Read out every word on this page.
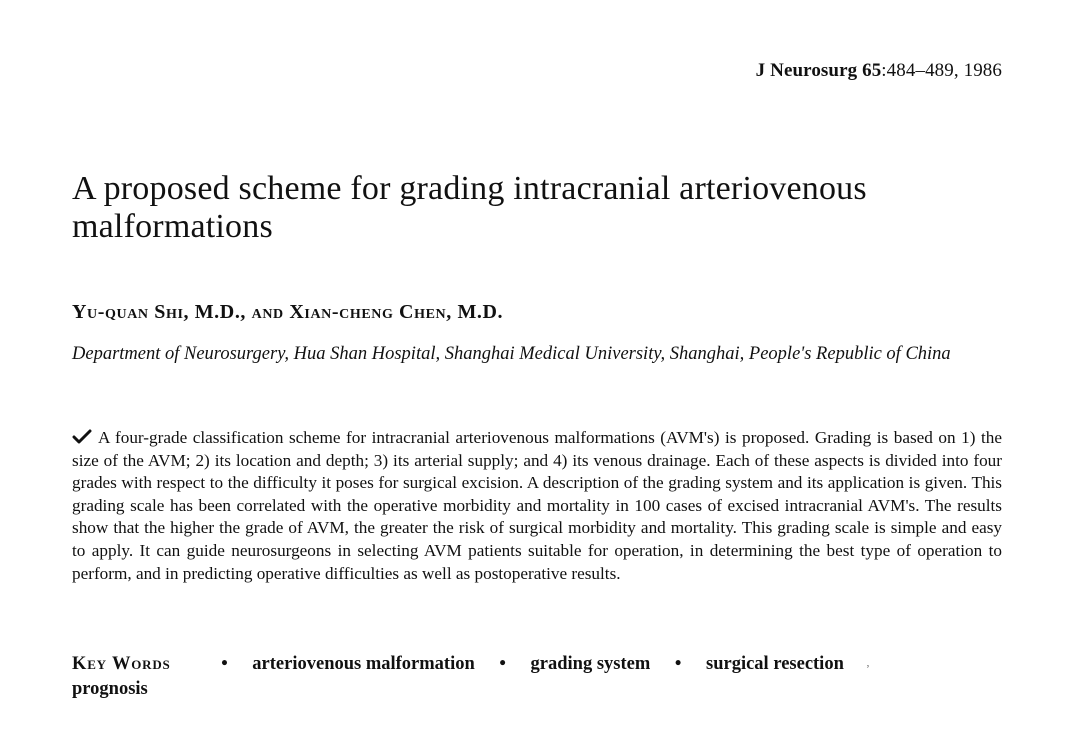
J Neurosurg 65:484–489, 1986
A proposed scheme for grading intracranial arteriovenous malformations
Yu-quan Shi, M.D., and Xian-cheng Chen, M.D.
Department of Neurosurgery, Hua Shan Hospital, Shanghai Medical University, Shanghai, People's Republic of China

A four-grade classification scheme for intracranial arteriovenous malformations (AVM's) is proposed. Grading is based on 1) the size of the AVM; 2) its location and depth; 3) its arterial supply; and 4) its venous drainage. Each of these aspects is divided into four grades with respect to the difficulty it poses for surgical excision. A description of the grading system and its application is given. This grading scale has been correlated with the operative morbidity and mortality in 100 cases of excised intracranial AVM's. The results show that the higher the grade of AVM, the greater the risk of surgical morbidity and mortality. This grading scale is simple and easy to apply. It can guide neurosurgeons in selecting AVM patients suitable for operation, in determining the best type of operation to perform, and in predicting operative difficulties as well as postoperative results.

Key Words	• arteriovenous malformation • grading system • surgical resection ,
prognosis
